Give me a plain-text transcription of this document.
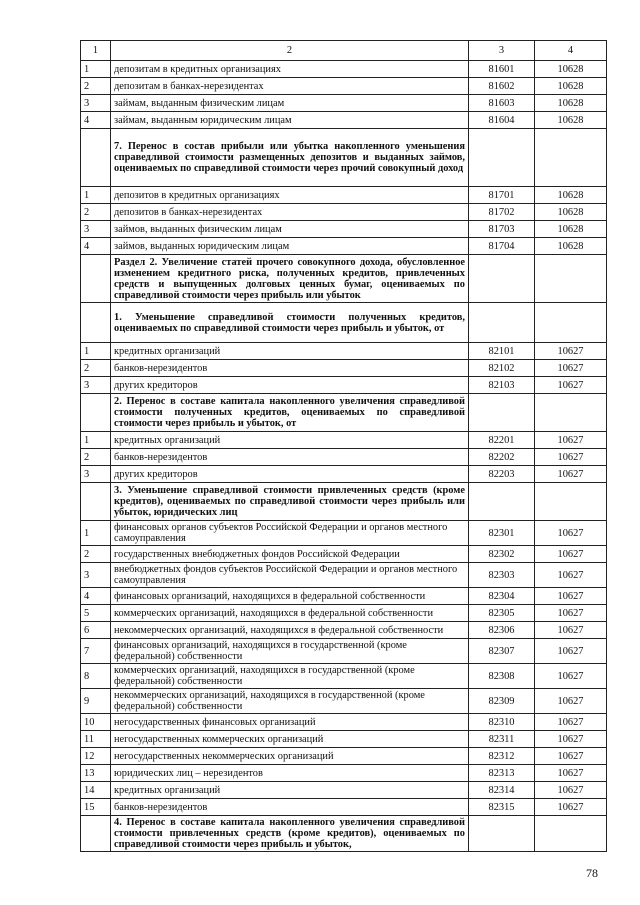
1	2	3	4
1	депозитам в кредитных организациях	81601	10628
2	депозитам в банках-нерезидентах	81602	10628
3	займам, выданным физическим лицам	81603	10628
4	займам, выданным юридическим лицам	81604	10628
	7. Перенос в состав прибыли или убытка накопленного уменьшения справедливой стоимости размещенных депозитов и выданных займов, оцениваемых по справедливой стоимости через прочий совокупный доход		
1	депозитов в кредитных организациях	81701	10628
2	депозитов в банках-нерезидентах	81702	10628
3	займов, выданных физическим лицам	81703	10628
4	займов, выданных юридическим лицам	81704	10628
	Раздел 2. Увеличение статей прочего совокупного дохода, обусловленное изменением кредитного риска, полученных кредитов, привлеченных средств и выпущенных долговых ценных бумаг, оцениваемых по справедливой стоимости через прибыль или убыток		
	1. Уменьшение справедливой стоимости полученных кредитов, оцениваемых по справедливой стоимости через прибыль и убыток, от		
1	кредитных организаций	82101	10627
2	банков-нерезидентов	82102	10627
3	других кредиторов	82103	10627
	2. Перенос в составе капитала накопленного увеличения справедливой стоимости полученных кредитов, оцениваемых по справедливой стоимости через прибыль и убыток, от		
1	кредитных организаций	82201	10627
2	банков-нерезидентов	82202	10627
3	других кредиторов	82203	10627
	3. Уменьшение справедливой стоимости привлеченных средств (кроме кредитов), оцениваемых по справедливой стоимости через прибыль или убыток, юридических лиц		
1	финансовых органов субъектов Российской Федерации и органов местного самоуправления	82301	10627
2	государственных внебюджетных фондов Российской Федерации	82302	10627
3	внебюджетных фондов субъектов Российской Федерации и органов местного самоуправления	82303	10627
4	финансовых организаций, находящихся в федеральной собственности	82304	10627
5	коммерческих организаций, находящихся в федеральной собственности	82305	10627
6	некоммерческих организаций, находящихся в федеральной собственности	82306	10627
7	финансовых организаций, находящихся в государственной (кроме федеральной) собственности	82307	10627
8	коммерческих организаций, находящихся в государственной (кроме федеральной) собственности	82308	10627
9	некоммерческих организаций, находящихся в государственной (кроме федеральной) собственности	82309	10627
10	негосударственных финансовых организаций	82310	10627
11	негосударственных коммерческих организаций	82311	10627
12	негосударственных некоммерческих организаций	82312	10627
13	юридических лиц – нерезидентов	82313	10627
14	кредитных организаций	82314	10627
15	банков-нерезидентов	82315	10627
	4. Перенос в составе капитала накопленного увеличения справедливой стоимости привлеченных средств (кроме кредитов), оцениваемых по справедливой стоимости через прибыль и убыток,		
78
